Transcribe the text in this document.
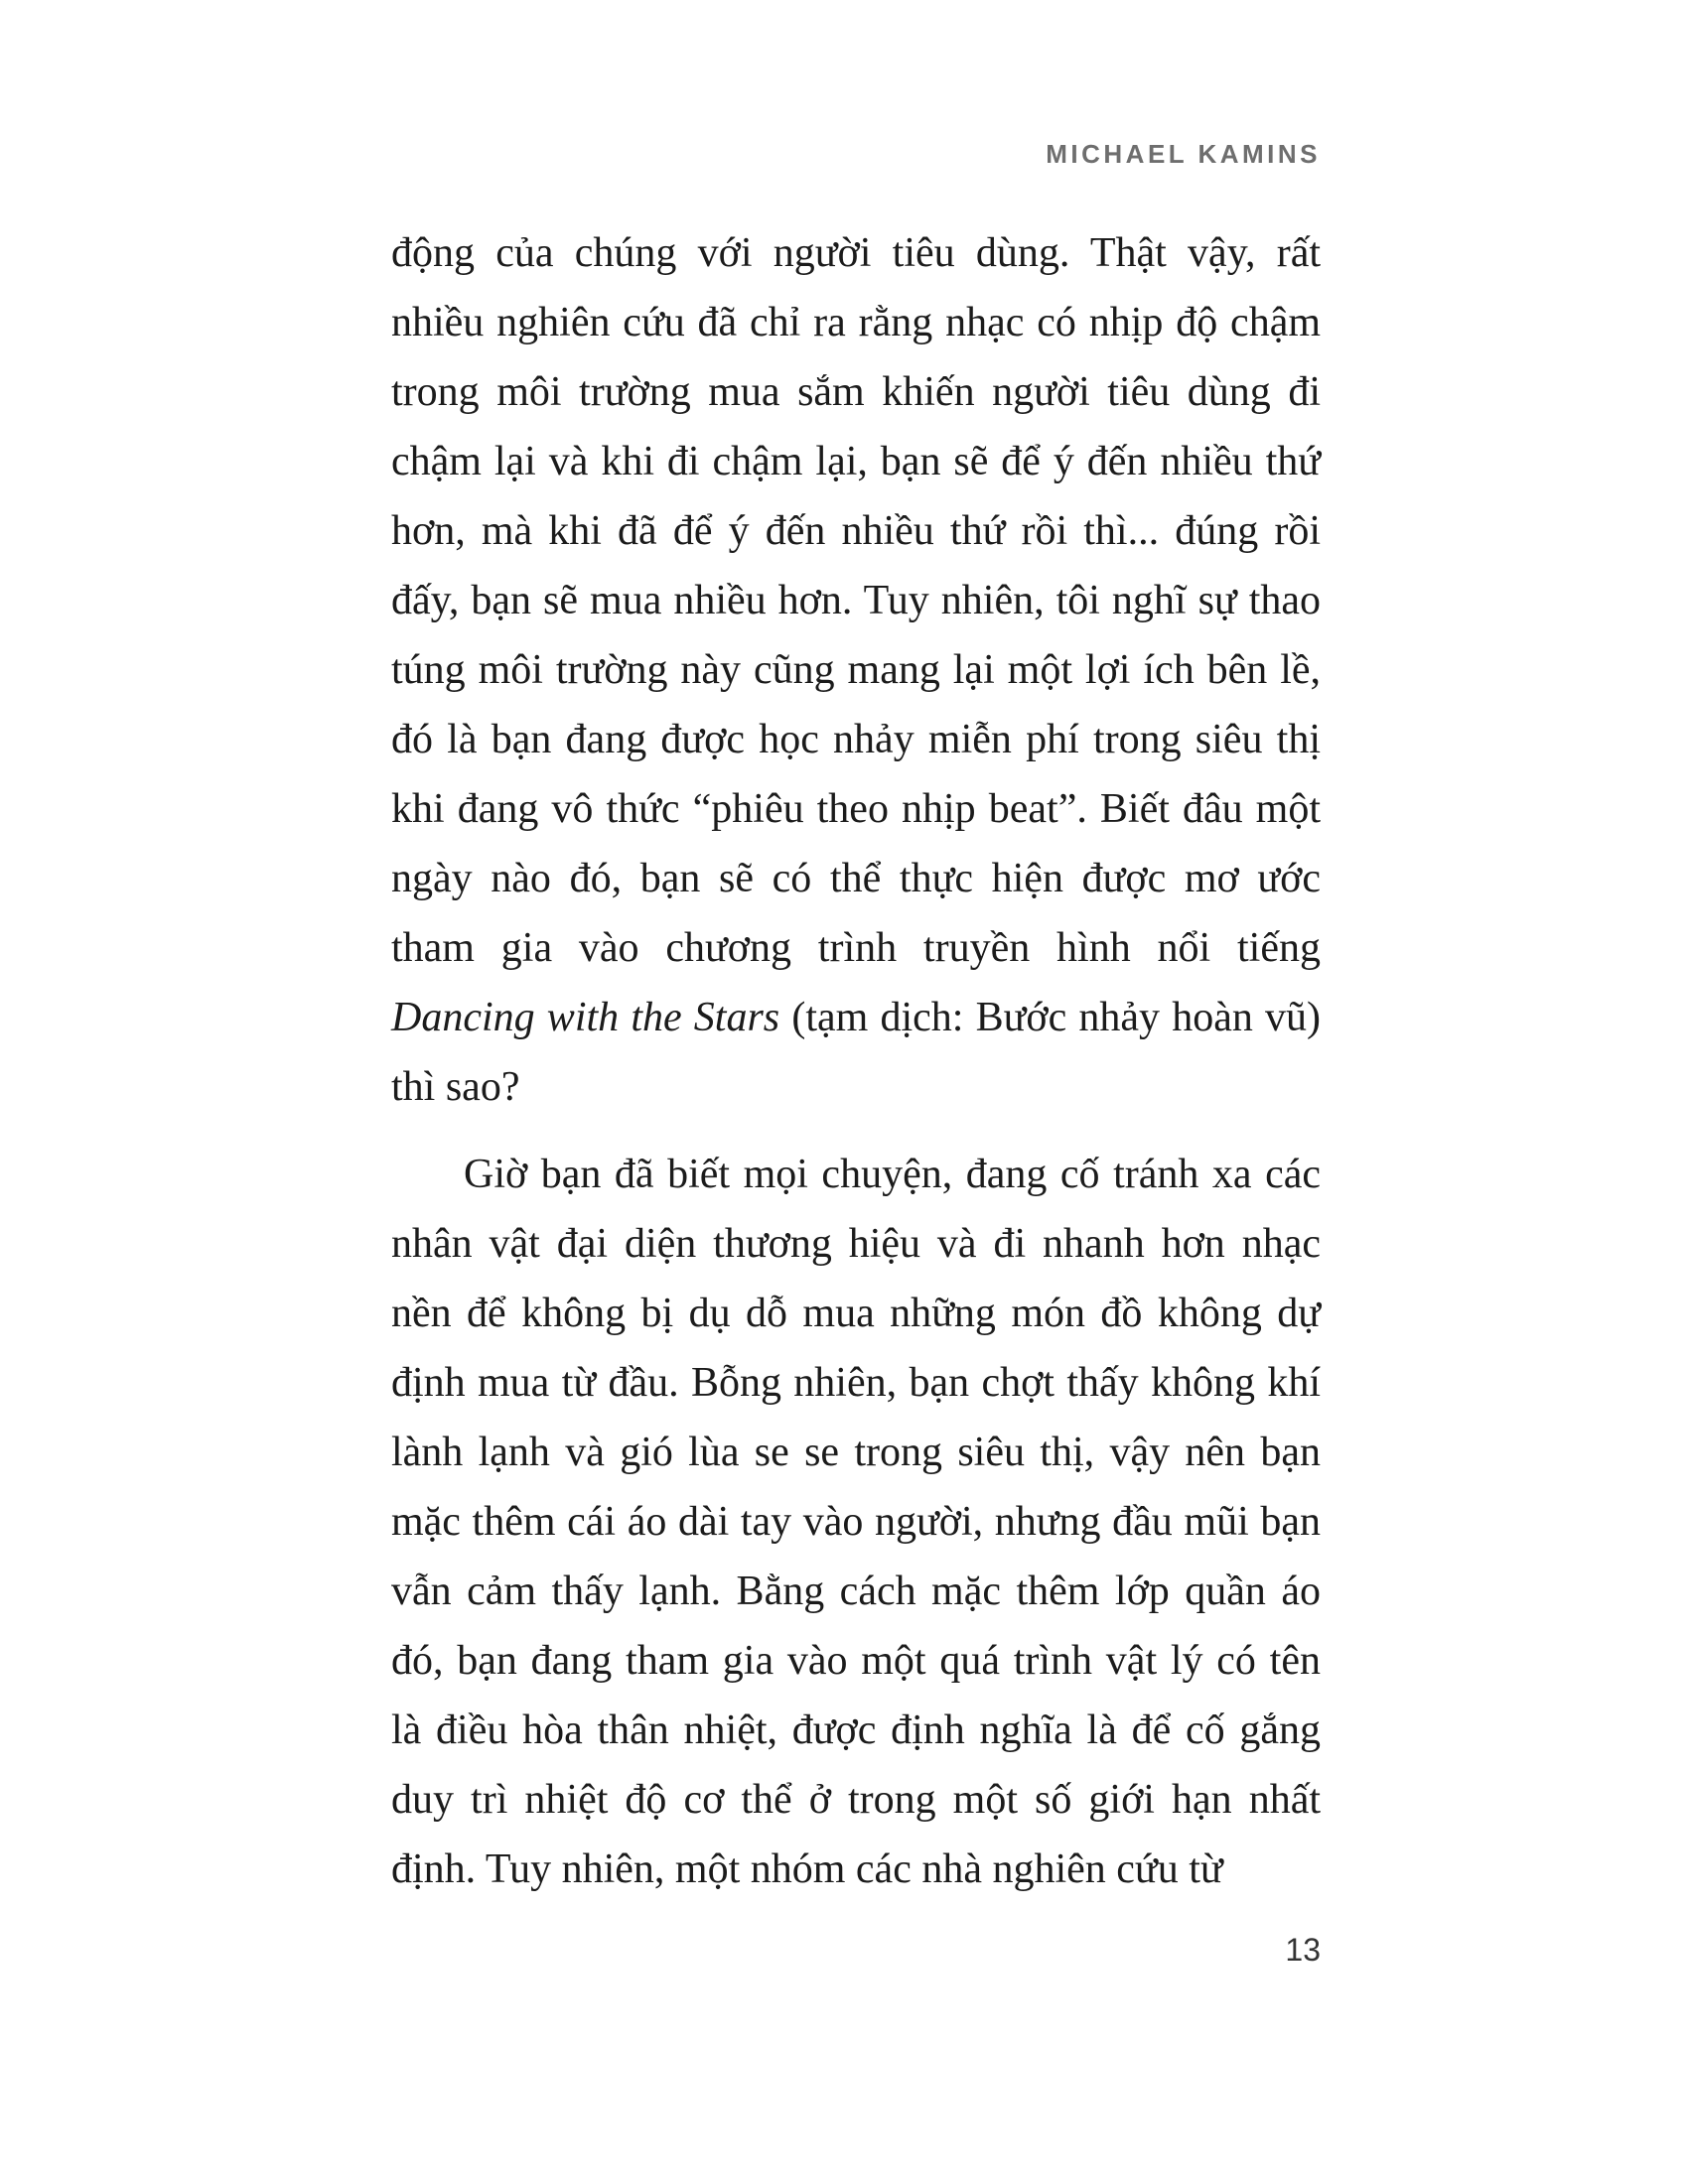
MICHAEL KAMINS

động của chúng với người tiêu dùng. Thật vậy, rất nhiều nghiên cứu đã chỉ ra rằng nhạc có nhịp độ chậm trong môi trường mua sắm khiến người tiêu dùng đi chậm lại và khi đi chậm lại, bạn sẽ để ý đến nhiều thứ hơn, mà khi đã để ý đến nhiều thứ rồi thì... đúng rồi đấy, bạn sẽ mua nhiều hơn. Tuy nhiên, tôi nghĩ sự thao túng môi trường này cũng mang lại một lợi ích bên lề, đó là bạn đang được học nhảy miễn phí trong siêu thị khi đang vô thức “phiêu theo nhịp beat”. Biết đâu một ngày nào đó, bạn sẽ có thể thực hiện được mơ ước tham gia vào chương trình truyền hình nổi tiếng Dancing with the Stars (tạm dịch: Bước nhảy hoàn vũ) thì sao?

Giờ bạn đã biết mọi chuyện, đang cố tránh xa các nhân vật đại diện thương hiệu và đi nhanh hơn nhạc nền để không bị dụ dỗ mua những món đồ không dự định mua từ đầu. Bỗng nhiên, bạn chợt thấy không khí lành lạnh và gió lùa se se trong siêu thị, vậy nên bạn mặc thêm cái áo dài tay vào người, nhưng đầu mũi bạn vẫn cảm thấy lạnh. Bằng cách mặc thêm lớp quần áo đó, bạn đang tham gia vào một quá trình vật lý có tên là điều hòa thân nhiệt, được định nghĩa là để cố gắng duy trì nhiệt độ cơ thể ở trong một số giới hạn nhất định. Tuy nhiên, một nhóm các nhà nghiên cứu từ

13
